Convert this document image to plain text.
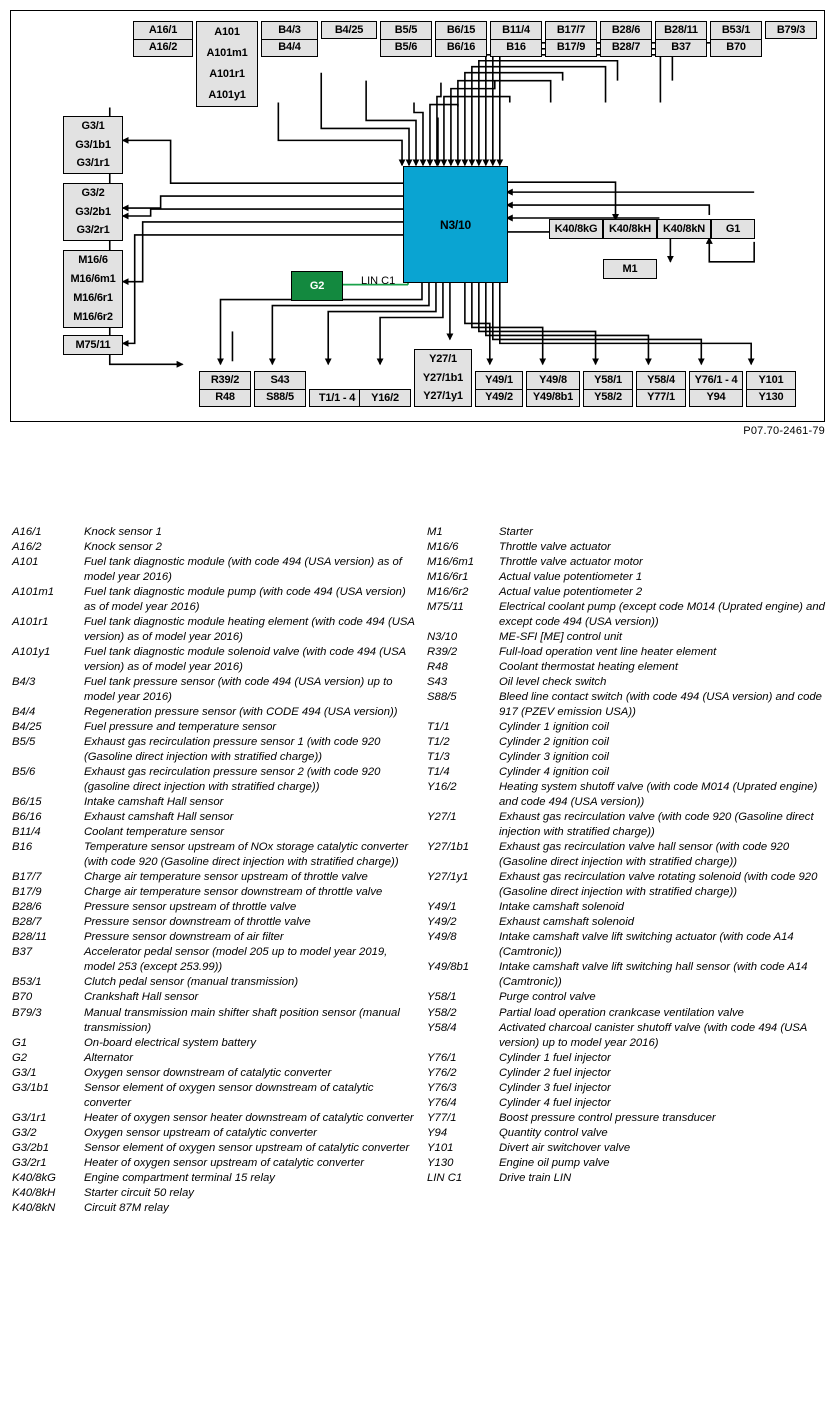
A16/1
A16/2
A101
A101m1
A101r1
A101y1
B4/3
B4/4
B4/25	B5/5
B5/6
B6/15
B6/16
B11/4
B16
B17/7
B17/9
B28/6
B28/7
B28/11
B37
B53/1
B70
B79/3
G3/1
G3/1b1
G3/1r1
G3/2
G3/2b1
G3/2r1
M16/6
M16/6m1
M16/6r1
M16/6r2
M75/11
N3/10
G2	LIN C1
K40/8kG	K40/8kH	K40/8kN	G1
M1
R39/2
R48
S43
S88/5	T1/1 - 4	Y16/2
Y27/1
Y27/1b1
Y27/1y1
Y49/1
Y49/2
Y49/8
Y49/8b1
Y58/1
Y58/2
Y58/4
Y77/1
Y76/1 - 4
Y94
Y101
Y130
P07.70-2461-79
A16/1	Knock sensor 1
A16/2	Knock sensor 2
A101	Fuel tank diagnostic module (with code 494 (USA version) as of model year 2016)
A101m1	Fuel tank diagnostic module pump (with code 494 (USA version) as of model year 2016)
A101r1	Fuel tank diagnostic module heating element (with code 494 (USA version) as of model year 2016)
A101y1	Fuel tank diagnostic module solenoid valve (with code 494 (USA version) as of model year 2016)
B4/3	Fuel tank pressure sensor (with code 494 (USA version) up to model year 2016)
B4/4	Regeneration pressure sensor (with CODE 494 (USA version))
B4/25	Fuel pressure and temperature sensor
B5/5	Exhaust gas recirculation pressure sensor 1 (with code 920 (Gasoline direct injection with stratified charge))
B5/6	Exhaust gas recirculation pressure sensor 2 (with code 920 (gasoline direct injection with stratified charge))
B6/15	Intake camshaft Hall sensor
B6/16	Exhaust camshaft Hall sensor
B11/4	Coolant temperature sensor
B16	Temperature sensor upstream of NOx storage catalytic converter (with code 920 (Gasoline direct injection with stratified charge))
B17/7	Charge air temperature sensor upstream of throttle valve
B17/9	Charge air temperature sensor downstream of throttle valve
B28/6	Pressure sensor upstream of throttle valve
B28/7	Pressure sensor downstream of throttle valve
B28/11	Pressure sensor downstream of air filter
B37	Accelerator pedal sensor (model 205 up to model year 2019, model 253 (except 253.99))
B53/1	Clutch pedal sensor (manual transmission)
B70	Crankshaft Hall sensor
B79/3	Manual transmission main shifter shaft position sensor (manual transmission)
G1	On-board electrical system battery
G2	Alternator
G3/1	Oxygen sensor downstream of catalytic converter
G3/1b1	Sensor element of oxygen sensor downstream of catalytic converter
G3/1r1	Heater of oxygen sensor heater downstream of catalytic converter
G3/2	Oxygen sensor upstream of catalytic converter
G3/2b1	Sensor element of oxygen sensor upstream of catalytic converter
G3/2r1	Heater of oxygen sensor upstream of catalytic converter
K40/8kG	Engine compartment terminal 15 relay
K40/8kH	Starter circuit 50 relay
K40/8kN	Circuit 87M relay
M1	Starter
M16/6	Throttle valve actuator
M16/6m1	Throttle valve actuator motor
M16/6r1	Actual value potentiometer 1
M16/6r2	Actual value potentiometer 2
M75/11	Electrical coolant pump (except code M014 (Uprated engine) and except code 494 (USA version))
N3/10	ME-SFI [ME] control unit
R39/2	Full-load operation vent line heater element
R48	Coolant thermostat heating element
S43	Oil level check switch
S88/5	Bleed line contact switch (with code 494 (USA version) and code 917 (PZEV emission USA))
T1/1	Cylinder 1 ignition coil
T1/2	Cylinder 2 ignition coil
T1/3	Cylinder 3 ignition coil
T1/4	Cylinder 4 ignition coil
Y16/2	Heating system shutoff valve (with code M014 (Uprated engine) and code 494 (USA version))
Y27/1	Exhaust gas recirculation valve (with code 920 (Gasoline direct injection with stratified charge))
Y27/1b1	Exhaust gas recirculation valve hall sensor (with code 920 (Gasoline direct injection with stratified charge))
Y27/1y1	Exhaust gas recirculation valve rotating solenoid (with code 920 (Gasoline direct injection with stratified charge))
Y49/1	Intake camshaft solenoid
Y49/2	Exhaust camshaft solenoid
Y49/8	Intake camshaft valve lift switching actuator (with code A14 (Camtronic))
Y49/8b1	Intake camshaft valve lift switching hall sensor (with code A14 (Camtronic))
Y58/1	Purge control valve
Y58/2	Partial load operation crankcase ventilation valve
Y58/4	Activated charcoal canister shutoff valve (with code 494 (USA version) up to model year 2016)
Y76/1	Cylinder 1 fuel injector
Y76/2	Cylinder 2 fuel injector
Y76/3	Cylinder 3 fuel injector
Y76/4	Cylinder 4 fuel injector
Y77/1	Boost pressure control pressure transducer
Y94	Quantity control valve
Y101	Divert air switchover valve
Y130	Engine oil pump valve
LIN C1	Drive train LIN
